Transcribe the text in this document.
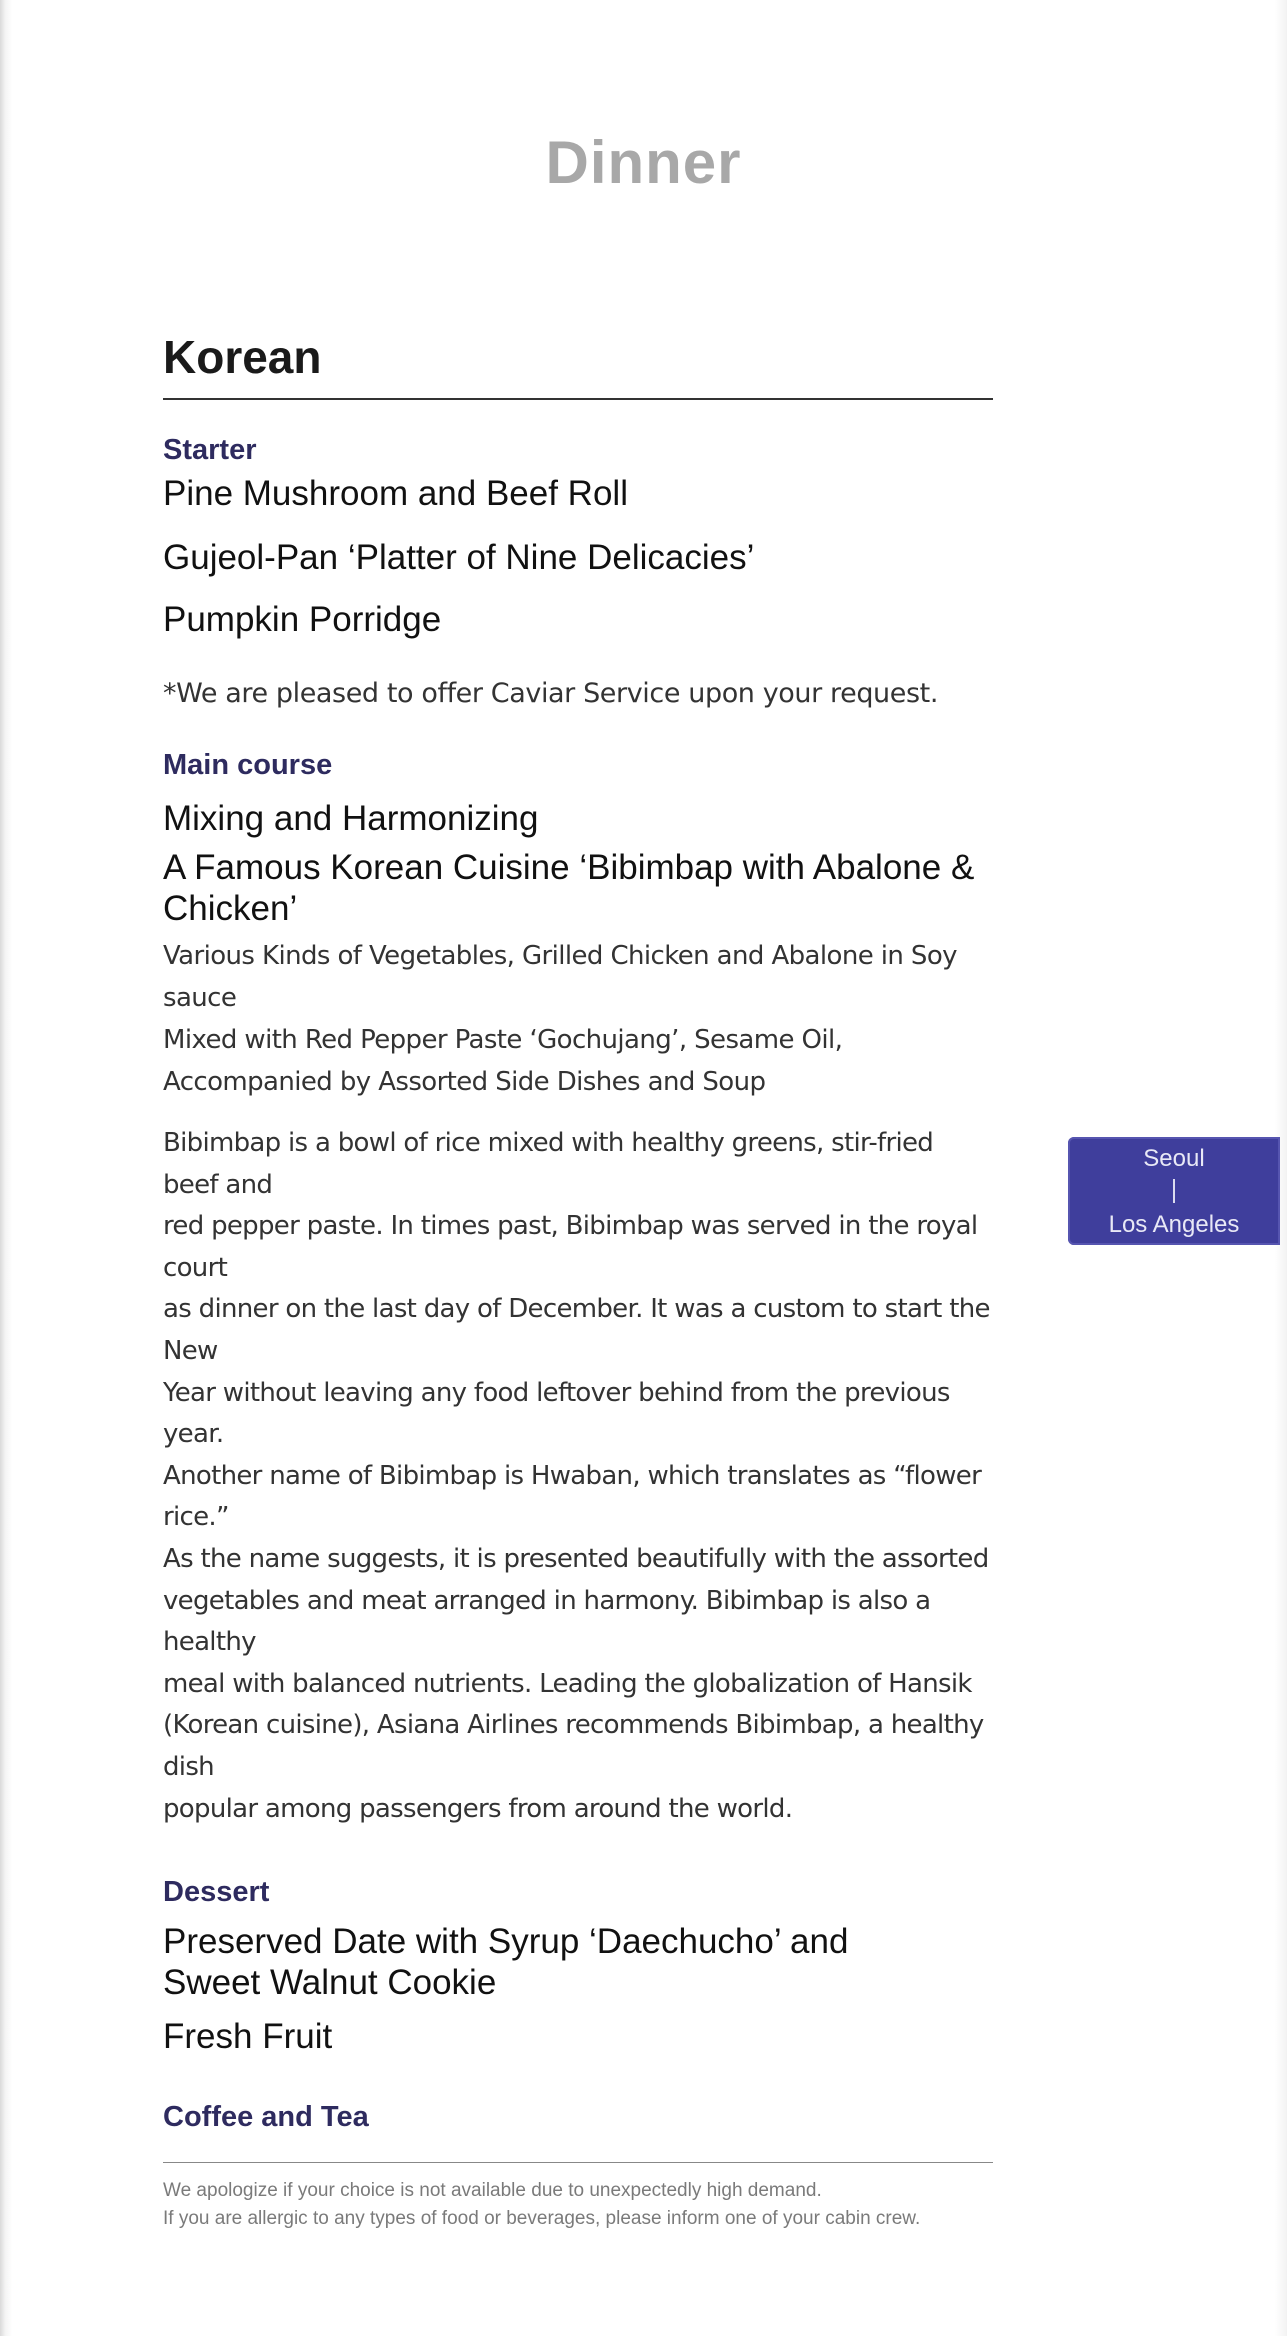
Dinner
Korean
Starter
Pine Mushroom and Beef Roll
Gujeol-Pan ‘Platter of Nine Delicacies’
Pumpkin Porridge
*We are pleased to offer Caviar Service upon your request.
Main course
Mixing and Harmonizing
A Famous Korean Cuisine ‘Bibimbap with Abalone & Chicken’
Various Kinds of Vegetables, Grilled Chicken and Abalone in Soy sauce
Mixed with Red Pepper Paste ‘Gochujang’, Sesame Oil,
Accompanied by Assorted Side Dishes and Soup
Bibimbap is a bowl of rice mixed with healthy greens, stir-fried beef and
red pepper paste. In times past, Bibimbap was served in the royal court
as dinner on the last day of December. It was a custom to start the New
Year without leaving any food leftover behind from the previous year.
Another name of Bibimbap is Hwaban, which translates as “flower rice.”
As the name suggests, it is presented beautifully with the assorted
vegetables and meat arranged in harmony. Bibimbap is also a healthy
meal with balanced nutrients. Leading the globalization of Hansik
(Korean cuisine), Asiana Airlines recommends Bibimbap, a healthy dish
popular among passengers from around the world.
Dessert
Preserved Date with Syrup ‘Daechucho’ and Sweet Walnut Cookie
Fresh Fruit
Coffee and Tea
Seoul
Los Angeles
We apologize if your choice is not available due to unexpectedly high demand.
If you are allergic to any types of food or beverages, please inform one of your cabin crew.
